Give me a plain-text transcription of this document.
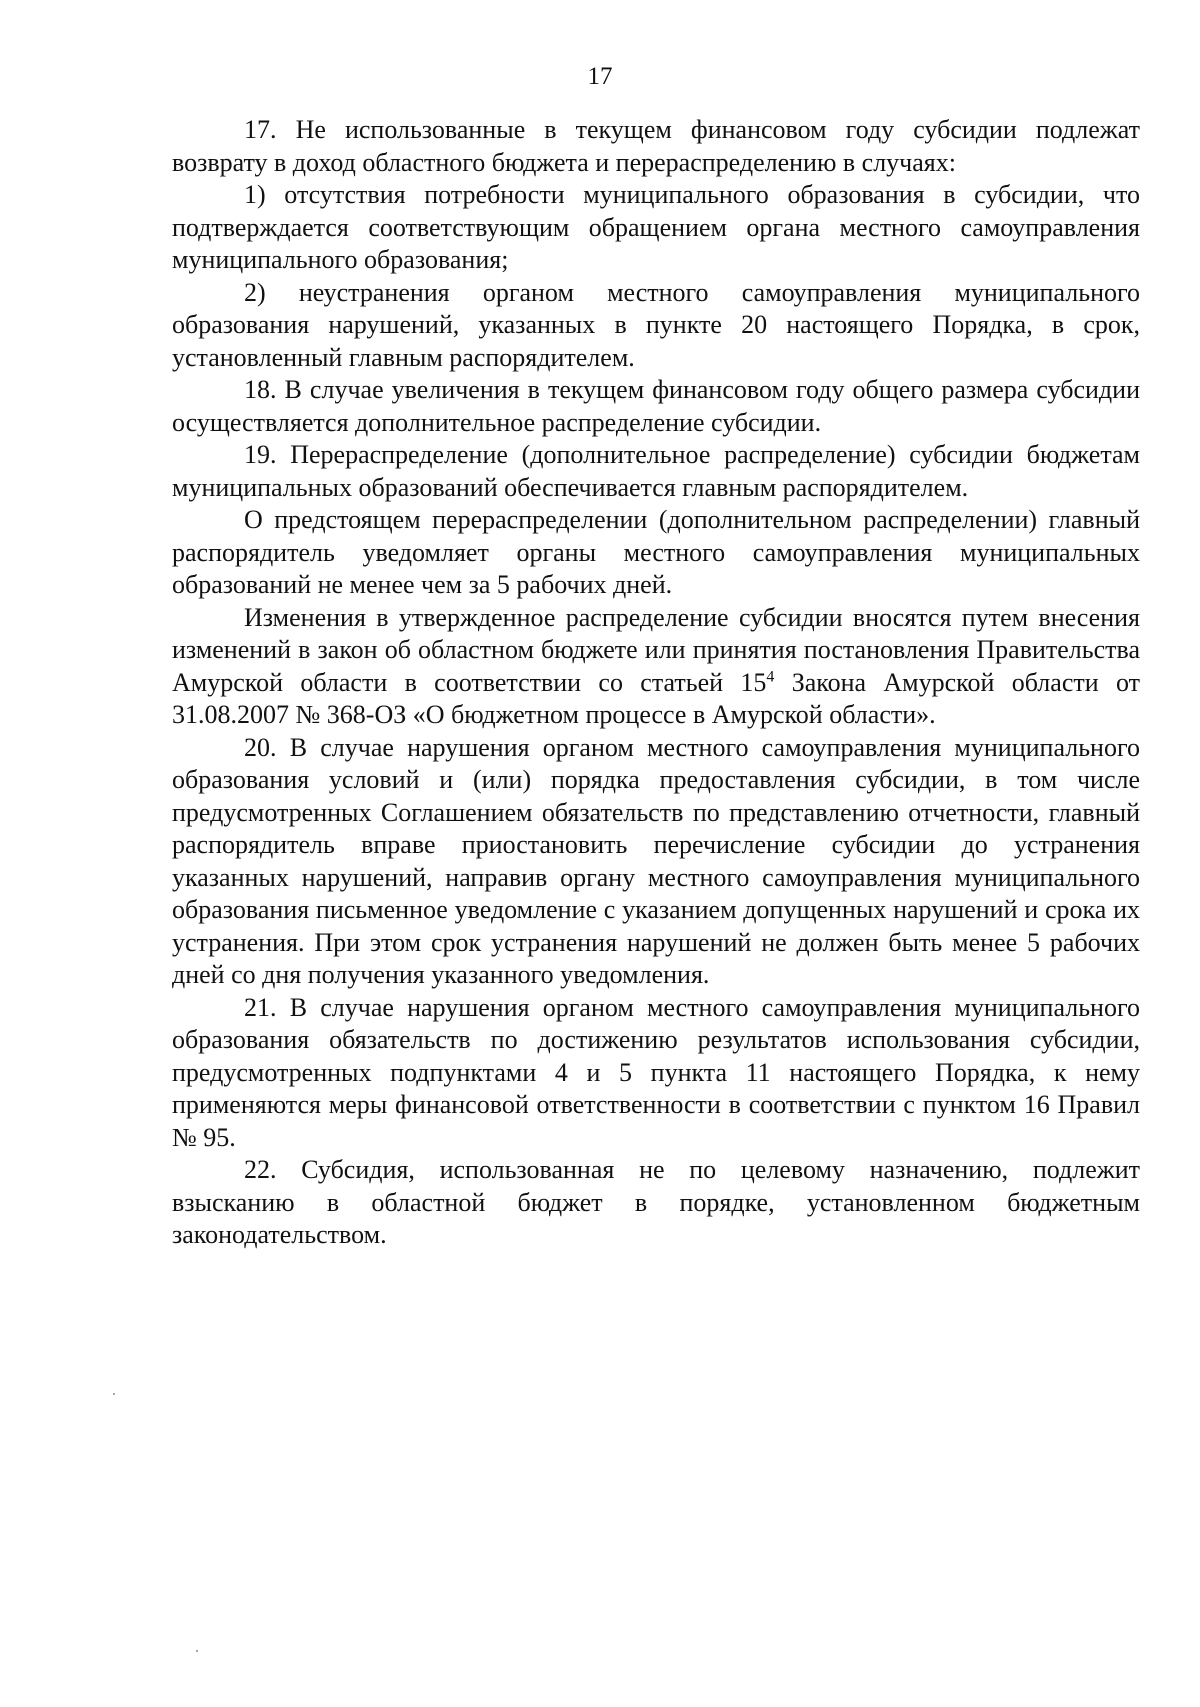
17

17. Не использованные в текущем финансовом году субсидии подлежат возврату в доход областного бюджета и перераспределению в случаях:

1) отсутствия потребности муниципального образования в субсидии, что подтверждается соответствующим обращением органа местного самоуправления муниципального образования;

2) неустранения органом местного самоуправления муниципального образования нарушений, указанных в пункте 20 настоящего Порядка, в срок, установленный главным распорядителем.

18. В случае увеличения в текущем финансовом году общего размера субсидии осуществляется дополнительное распределение субсидии.

19. Перераспределение (дополнительное распределение) субсидии бюджетам муниципальных образований обеспечивается главным распорядителем.

О предстоящем перераспределении (дополнительном распределении) главный распорядитель уведомляет органы местного самоуправления муниципальных образований не менее чем за 5 рабочих дней.

Изменения в утвержденное распределение субсидии вносятся путем внесения изменений в закон об областном бюджете или принятия постановления Правительства Амурской области в соответствии со статьей $15^4$ Закона Амурской области от 31.08.2007 № 368-ОЗ «О бюджетном процессе в Амурской области».

20. В случае нарушения органом местного самоуправления муниципального образования условий и (или) порядка предоставления субсидии, в том числе предусмотренных Соглашением обязательств по представлению отчетности, главный распорядитель вправе приостановить перечисление субсидии до устранения указанных нарушений, направив органу местного самоуправления муниципального образования письменное уведомление с указанием допущенных нарушений и срока их устранения. При этом срок устранения нарушений не должен быть менее 5 рабочих дней со дня получения указанного уведомления.

21. В случае нарушения органом местного самоуправления муниципального образования обязательств по достижению результатов использования субсидии, предусмотренных подпунктами 4 и 5 пункта 11 настоящего Порядка, к нему применяются меры финансовой ответственности в соответствии с пунктом 16 Правил № 95.

22. Субсидия, использованная не по целевому назначению, подлежит взысканию в областной бюджет в порядке, установленном бюджетным законодательством.
